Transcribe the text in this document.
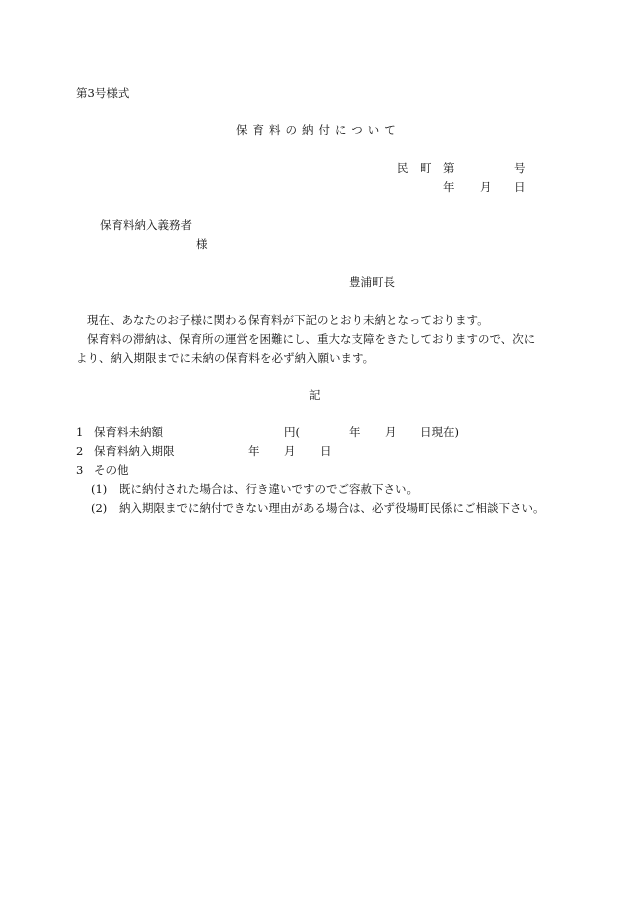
第3号様式
保育料の納付について
民 町 第	号
年 月 日
保育料納入義務者
様
豊浦町長
現在、あなたのお子様に関わる保育料が下記のとおり未納となっております。
保育料の滞納は、保育所の運営を困難にし、重大な支障をきたしておりますので、次に
より、納入期限までに未納の保育料を必ず納入願います。
記
1 保育料未納額	円(	年 月 日現在)
2 保育料納入期限	年 月 日
3 その他
(1) 既に納付された場合は、行き違いですのでご容赦下さい。
(2) 納入期限までに納付できない理由がある場合は、必ず役場町民係にご相談下さい。
